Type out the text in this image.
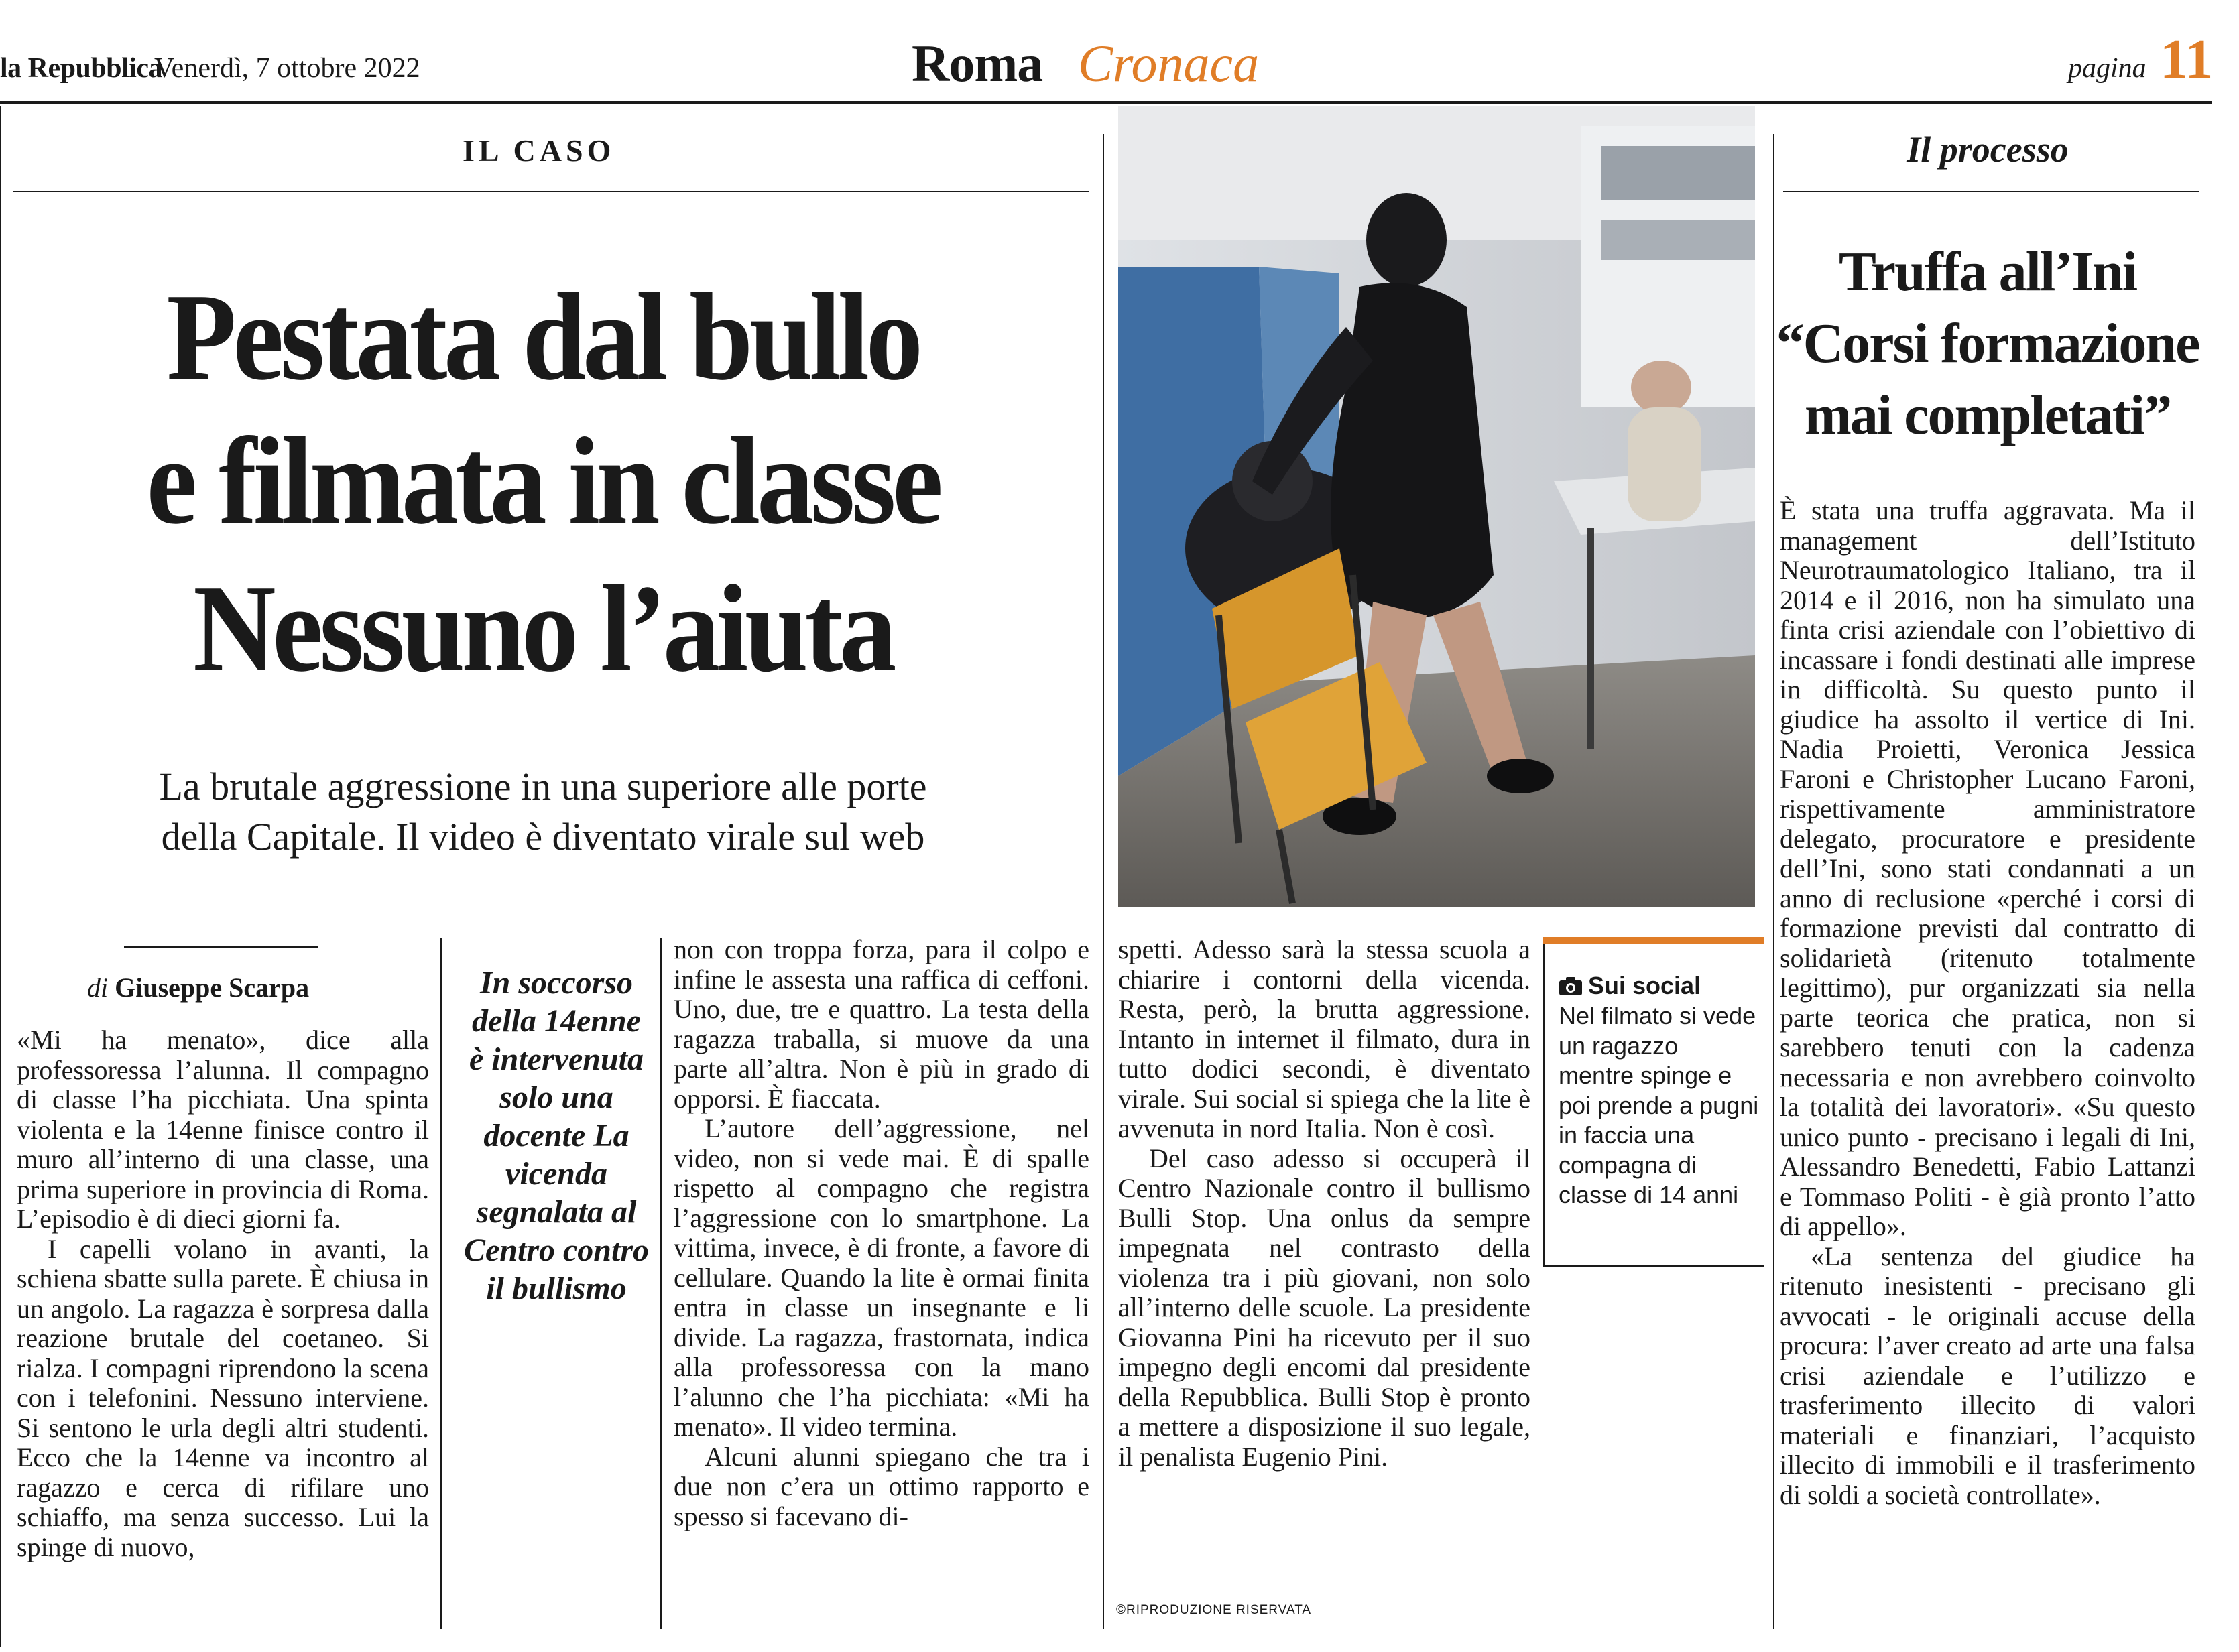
la Repubblica
Venerdì, 7 ottobre 2022	Roma Cronaca	pagina 11
IL CASO
Pestata dal bullo
e filmata in classe
Nessuno l’aiuta
La brutale aggressione in una superiore alle porte
della Capitale. Il video è diventato virale sul web
di Giuseppe Scarpa

«Mi ha menato», dice alla professoressa l’alunna. Il compagno di classe l’ha picchiata. Una spinta violenta e la 14enne finisce contro il muro all’interno di una classe, una prima superiore in provincia di Roma. L’episodio è di dieci giorni fa.

I capelli volano in avanti, la schiena sbatte sulla parete. È chiusa in un angolo. La ragazza è sorpresa dalla reazione brutale del coetaneo. Si rialza. I compagni riprendono la scena con i telefonini. Nessuno interviene. Si sentono le urla degli altri studenti. Ecco che la 14enne va incontro al ragazzo e cerca di rifilare uno schiaffo, ma senza successo. Lui la spinge di nuovo,

In soccorso della 14enne è intervenuta solo una docente La vicenda segnalata al Centro contro il bullismo

non con troppa forza, para il colpo e infine le assesta una raffica di ceffoni. Uno, due, tre e quattro. La testa della ragazza traballa, si muove da una parte all’altra. Non è più in grado di opporsi. È fiaccata.

L’autore dell’aggressione, nel video, non si vede mai. È di spalle rispetto al compagno che registra l’aggressione con lo smartphone. La vittima, invece, è di fronte, a favore di cellulare. Quando la lite è ormai finita entra in classe un insegnante e li divide. La ragazza, frastornata, indica alla professoressa con la mano l’alunno che l’ha picchiata: «Mi ha menato». Il video termina.

Alcuni alunni spiegano che tra i due non c’era un ottimo rapporto e spesso si facevano di-

spetti. Adesso sarà la stessa scuola a chiarire i contorni della vicenda. Resta, però, la brutta aggressione. Intanto in internet il filmato, dura in tutto dodici secondi, è diventato virale. Sui social si spiega che la lite è avvenuta in nord Italia. Non è così.

Del caso adesso si occuperà il Centro Nazionale contro il bullismo Bulli Stop. Una onlus da sempre impegnata nel contrasto della violenza tra i più giovani, non solo all’interno delle scuole. La presidente Giovanna Pini ha ricevuto per il suo impegno degli encomi dal presidente della Repubblica. Bulli Stop è pronto a mettere a disposizione il suo legale, il penalista Eugenio Pini.

Sui social
Nel filmato si vede un ragazzo mentre spinge e poi prende a pugni in faccia una compagna di classe di 14 anni
©RIPRODUZIONE RISERVATA
Il processo
Truffa all’Ini
“Corsi formazione
mai completati”

È stata una truffa aggravata. Ma il management dell’Istituto Neurotraumatologico Italiano, tra il 2014 e il 2016, non ha simulato una finta crisi aziendale con l’obiettivo di incassare i fondi destinati alle imprese in difficoltà. Su questo punto il giudice ha assolto il vertice di Ini. Nadia Proietti, Veronica Jessica Faroni e Christopher Lucano Faroni, rispettivamente amministratore delegato, procuratore e presidente dell’Ini, sono stati condannati a un anno di reclusione «perché i corsi di formazione previsti dal contratto di solidarietà (ritenuto totalmente legittimo), pur organizzati sia nella parte teorica che pratica, non si sarebbero tenuti con la cadenza necessaria e non avrebbero coinvolto la totalità dei lavoratori». «Su questo unico punto - precisano i legali di Ini, Alessandro Benedetti, Fabio Lattanzi e Tommaso Politi - è già pronto l’atto di appello».

«La sentenza del giudice ha ritenuto inesistenti - precisano gli avvocati - le originali accuse della procura: l’aver creato ad arte una falsa crisi aziendale e l’utilizzo e trasferimento illecito di valori materiali e finanziari, l’acquisto illecito di immobili e il trasferimento di soldi a società controllate».
